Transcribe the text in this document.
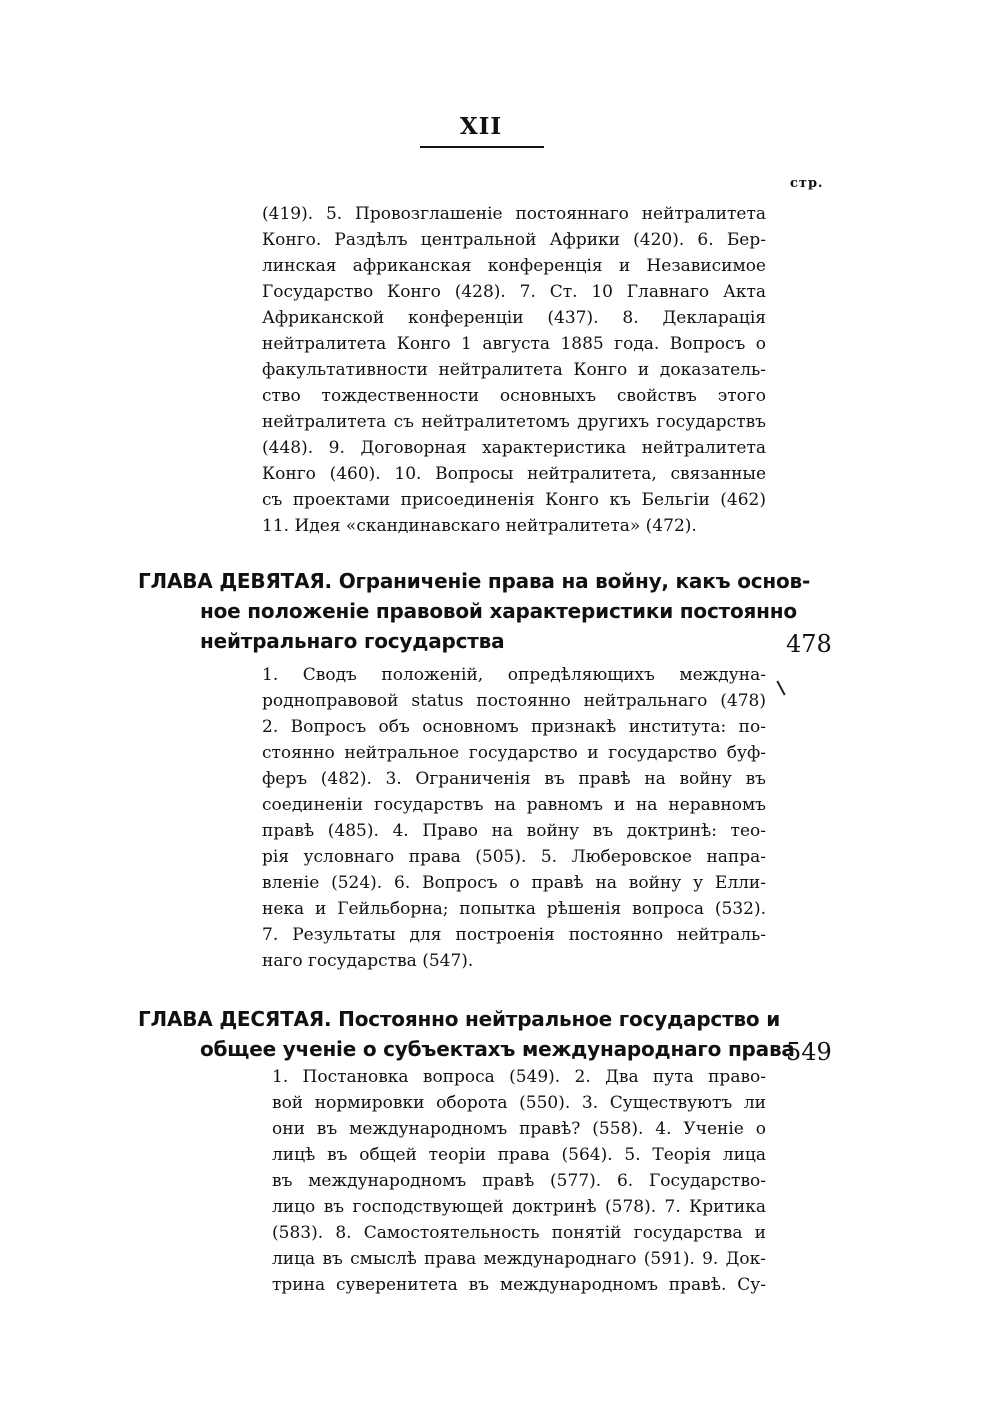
XII
стр.
(419). 5. Провозглашеніе постояннаго нейтралитета
Конго. Раздѣлъ центральной Африки (420). 6. Бер-
линская африканская конференція и Независимое
Государство Конго (428). 7. Ст. 10 Главнаго Акта
Африканской конференціи (437). 8. Декларація
нейтралитета Конго 1 августа 1885 года. Вопросъ о
факультативности нейтралитета Конго и доказатель-
ство тождественности основныхъ свойствъ этого
нейтралитета съ нейтралитетомъ другихъ государствъ
(448). 9. Договорная характеристика нейтралитета
Конго (460). 10. Вопросы нейтралитета, связанные
съ проектами присоединенія Конго къ Бельгіи (462)
11. Идея «скандинавскаго нейтралитета» (472).
ГЛАВА ДЕВЯТАЯ. Ограниченіе права на войну, какъ основ-
ное положеніе правовой характеристики постоянно
нейтральнаго государства	478
1. Сводъ положеній, опредѣляющихъ междуна-
родноправовой status постоянно нейтральнаго (478)
2. Вопросъ объ основномъ признакѣ института: по-
стоянно нейтральное государство и государство буф-
феръ (482). 3. Ограниченія въ правѣ на войну въ
соединеніи государствъ на равномъ и на неравномъ
правѣ (485). 4. Право на войну въ доктринѣ: тео-
рія условнаго права (505). 5. Люберовское напра-
вленіе (524). 6. Вопросъ о правѣ на войну у Елли-
нека и Гейльборна; попытка рѣшенія вопроса (532).
7. Результаты для построенія постоянно нейтраль-
наго государства (547).
ГЛАВА ДЕСЯТАЯ. Постоянно нейтральное государство и
общее ученіе о субъектахъ международнаго права
549
1. Постановка вопроса (549). 2. Два пута право-
вой нормировки оборота (550). 3. Существуютъ ли
они въ международномъ правѣ? (558). 4. Ученіе о
лицѣ въ общей теоріи права (564). 5. Теорія лица
въ международномъ правѣ (577). 6. Государство-
лицо въ господствующей доктринѣ (578). 7. Критика
(583). 8. Самостоятельность понятій государства и
лица въ смыслѣ права международнаго (591). 9. Док-
трина суверенитета въ международномъ правѣ. Су-
